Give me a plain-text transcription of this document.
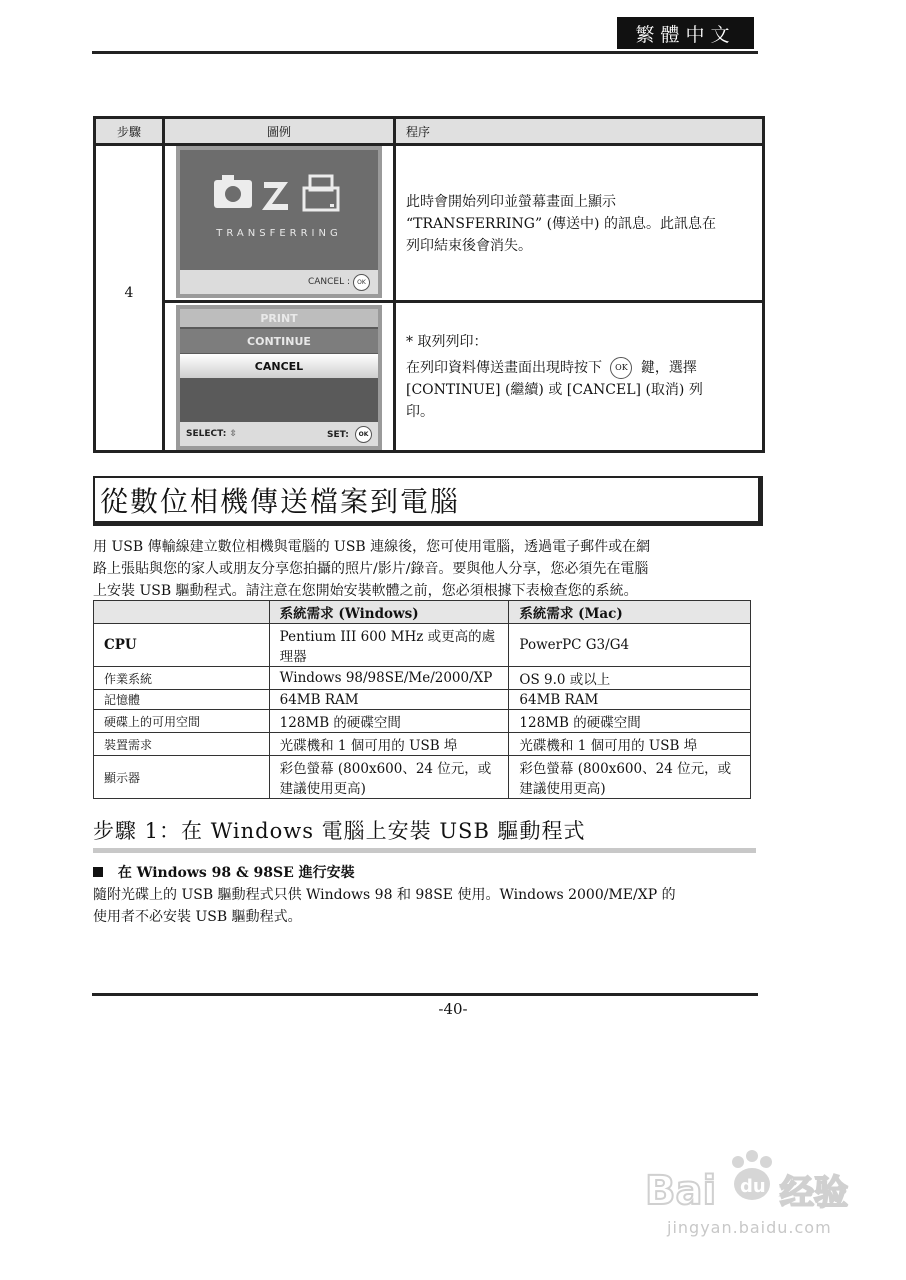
繁體中文
步驟	圖例	程序
4
TRANSFERRING
CANCEL :	OK
PRINT
CONTINUE
CANCEL
SELECT: ⇳	SET: OK
此時會開始列印並螢幕畫面上顯示
“TRANSFERRING” (傳送中) 的訊息。此訊息在
列印結束後會消失。
* 取列列印：
在列印資料傳送畫面出現時按下 OK 鍵，選擇
[CONTINUE] (繼續) 或 [CANCEL] (取消) 列
印。
從數位相機傳送檔案到電腦
用 USB 傳輸線建立數位相機與電腦的 USB 連線後，您可使用電腦，透過電子郵件或在網
路上張貼與您的家人或朋友分享您拍攝的照片/影片/錄音。要與他人分享，您必須先在電腦
上安裝 USB 驅動程式。請注意在您開始安裝軟體之前，您必須根據下表檢查您的系統。
	系統需求 (Windows)	系統需求 (Mac)
CPU	Pentium III 600 MHz 或更高的處理器	PowerPC G3/G4
作業系統	Windows 98/98SE/Me/2000/XP	OS 9.0 或以上
記憶體	64MB RAM	64MB RAM
硬碟上的可用空間	128MB 的硬碟空間	128MB 的硬碟空間
裝置需求	光碟機和 1 個可用的 USB 埠	光碟機和 1 個可用的 USB 埠
顯示器	彩色螢幕 (800x600、24 位元，或建議使用更高)	彩色螢幕 (800x600、24 位元，或建議使用更高)
步驟 1：在 Windows 電腦上安裝 USB 驅動程式
在 Windows 98 & 98SE 進行安裝
隨附光碟上的 USB 驅動程式只供 Windows 98 和 98SE 使用。Windows 2000/ME/XP 的
使用者不必安裝 USB 驅動程式。
-40-
Bai du 经验
jingyan.baidu.com
